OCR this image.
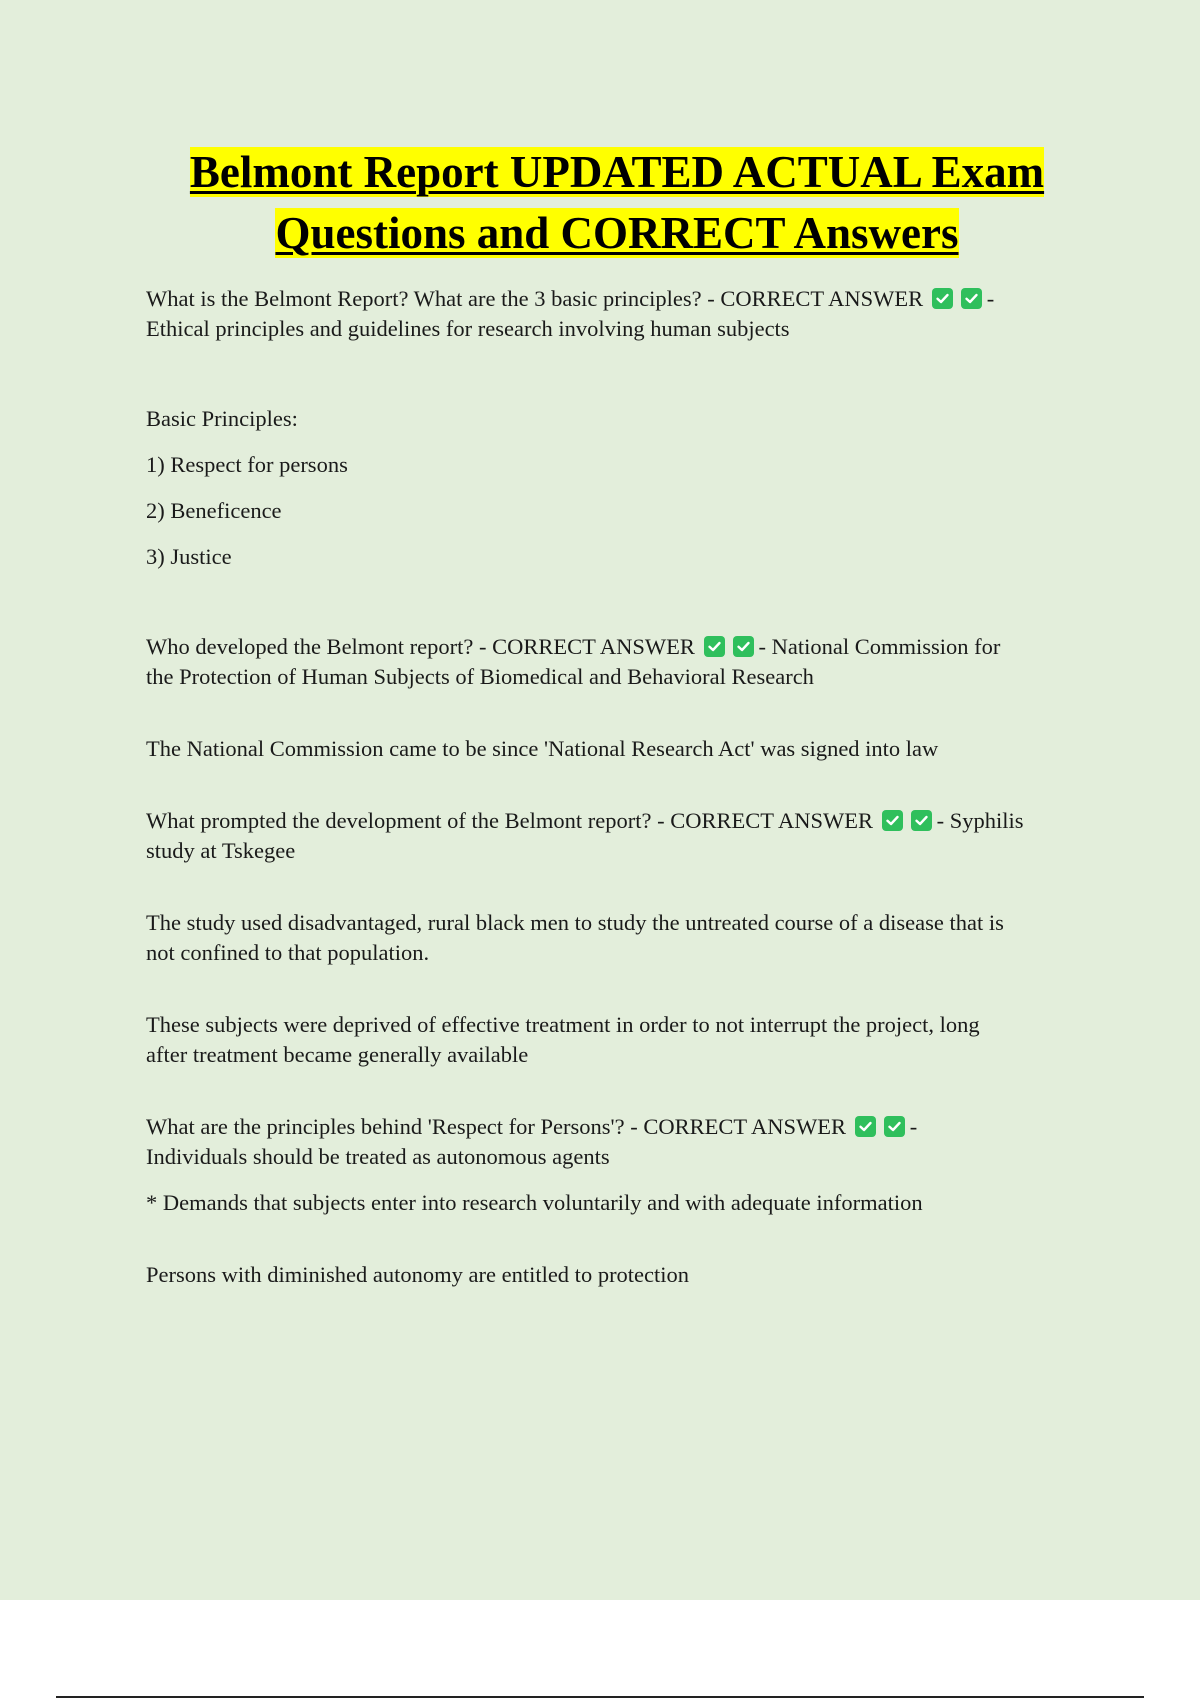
Belmont Report UPDATED ACTUAL Exam
Questions and CORRECT Answers

What is the Belmont Report? What are the 3 basic principles? - CORRECT ANSWER	-
Ethical principles and guidelines for research involving human subjects

Basic Principles:

1) Respect for persons

2) Beneficence

3) Justice

Who developed the Belmont report? - CORRECT ANSWER	- National Commission for
the Protection of Human Subjects of Biomedical and Behavioral Research

The National Commission came to be since 'National Research Act' was signed into law

What prompted the development of the Belmont report? - CORRECT ANSWER	- Syphilis
study at Tskegee

The study used disadvantaged, rural black men to study the untreated course of a disease that is
not confined to that population.

These subjects were deprived of effective treatment in order to not interrupt the project, long
after treatment became generally available

What are the principles behind 'Respect for Persons'? - CORRECT ANSWER	-
Individuals should be treated as autonomous agents

* Demands that subjects enter into research voluntarily and with adequate information

Persons with diminished autonomy are entitled to protection
